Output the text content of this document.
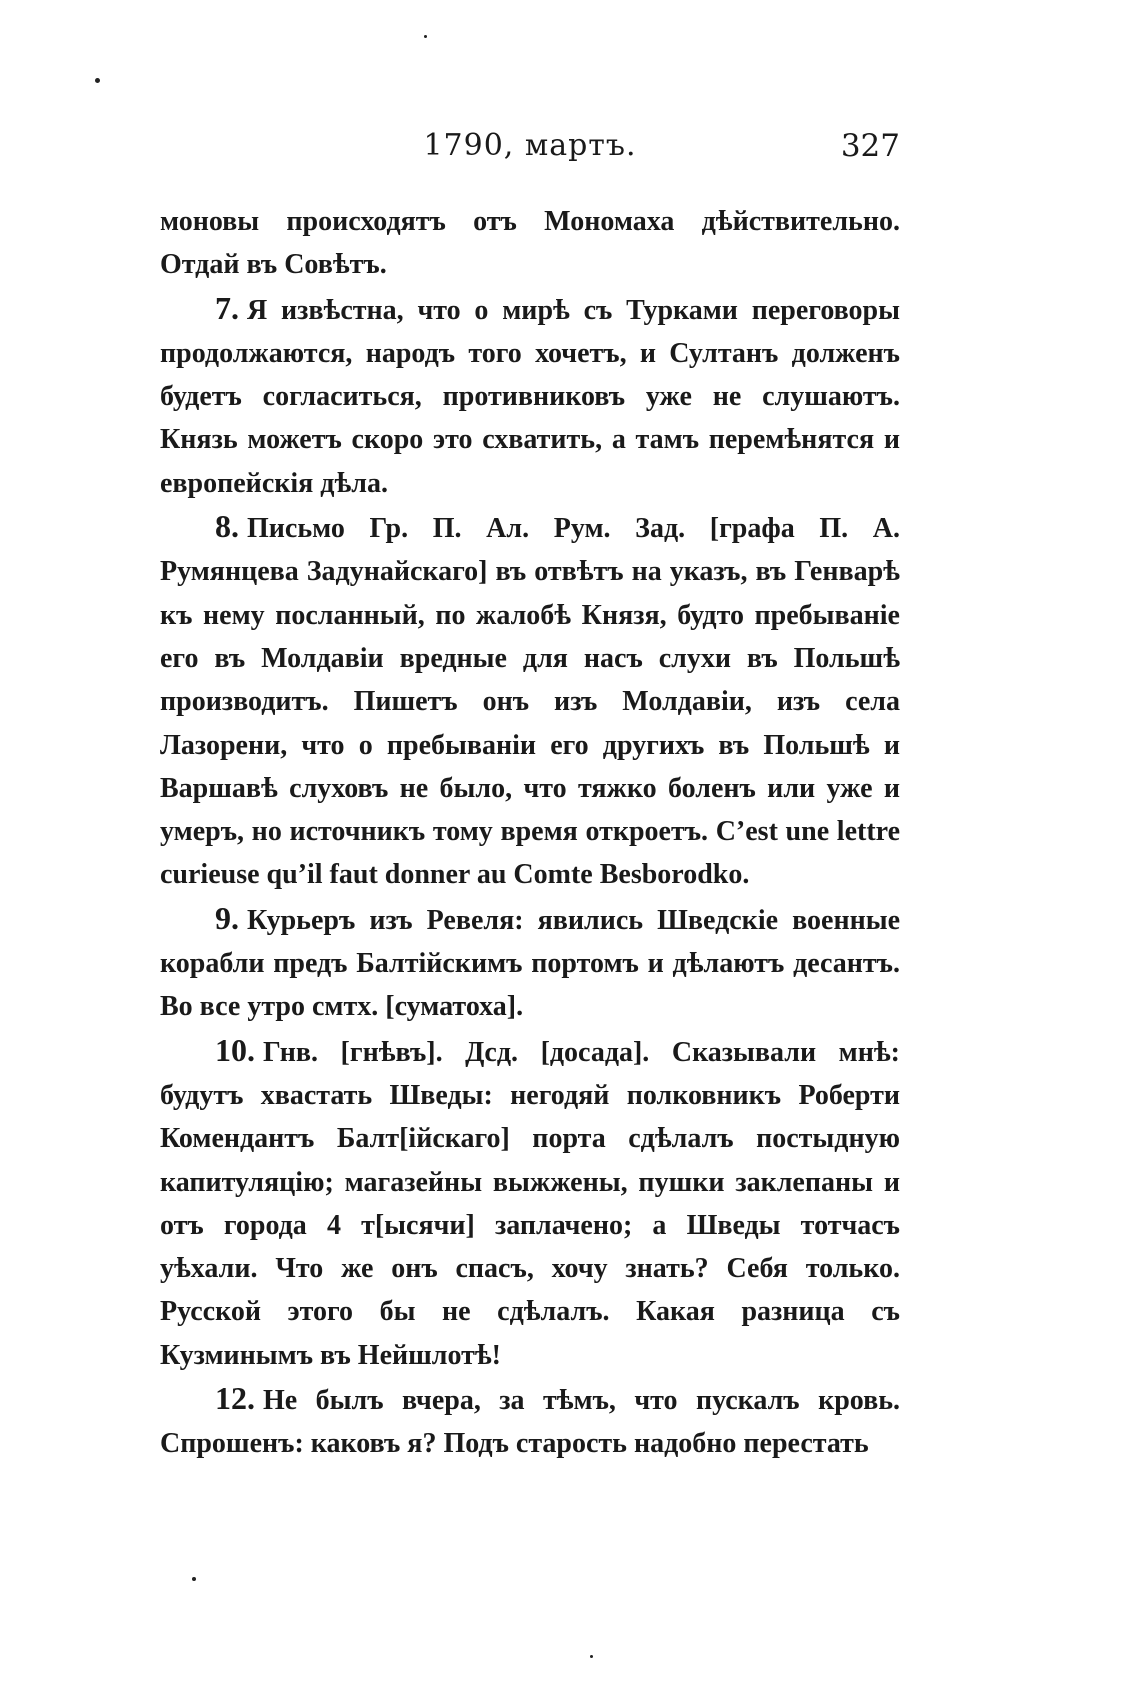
1790, мартъ.	327

моновы происходятъ отъ Мономаха дѣйствительно. Отдай въ Совѣтъ.

7. Я извѣстна, что о мирѣ съ Турками переговоры продолжаются, народъ того хочетъ, и Султанъ долженъ будетъ согласиться, противниковъ уже не слушаютъ. Князь можетъ скоро это схватить, а тамъ перемѣнятся и европейскія дѣла.

8. Письмо Гр. П. Ал. Рум. Зад. [графа П. А. Румянцева Задунайскаго] въ отвѣтъ на указъ, въ Генварѣ къ нему посланный, по жалобѣ Князя, будто пребываніе его въ Молдавіи вредные для насъ слухи въ Польшѣ производитъ. Пишетъ онъ изъ Молдавіи, изъ села Лазорени, что о пребываніи его другихъ въ Польшѣ и Варшавѣ слуховъ не было, что тяжко боленъ или уже и умеръ, но источникъ тому время откроетъ. C’est une lettre curieuse qu’il faut donner au Comte Besborodko.

9. Курьеръ изъ Ревеля: явились Шведскіе военные корабли предъ Балтійскимъ портомъ и дѣлаютъ десантъ. Во все утро смтх. [суматоха].

10. Гнв. [гнѣвъ]. Дсд. [досада]. Сказывали мнѣ: будутъ хвастать Шведы: негодяй полковникъ Роберти Комендантъ Балт[ійскаго] порта сдѣлалъ постыдную капитуляцію; магазейны выжжены, пушки заклепаны и отъ города 4 т[ысячи] заплачено; а Шведы тотчасъ уѣхали. Что же онъ спасъ, хочу знать? Себя только. Русской этого бы не сдѣлалъ. Какая разница съ Кузминымъ въ Нейшлотѣ!

12. Не былъ вчера, за тѣмъ, что пускалъ кровь. Спрошенъ: каковъ я? Подъ старость надобно перестать
